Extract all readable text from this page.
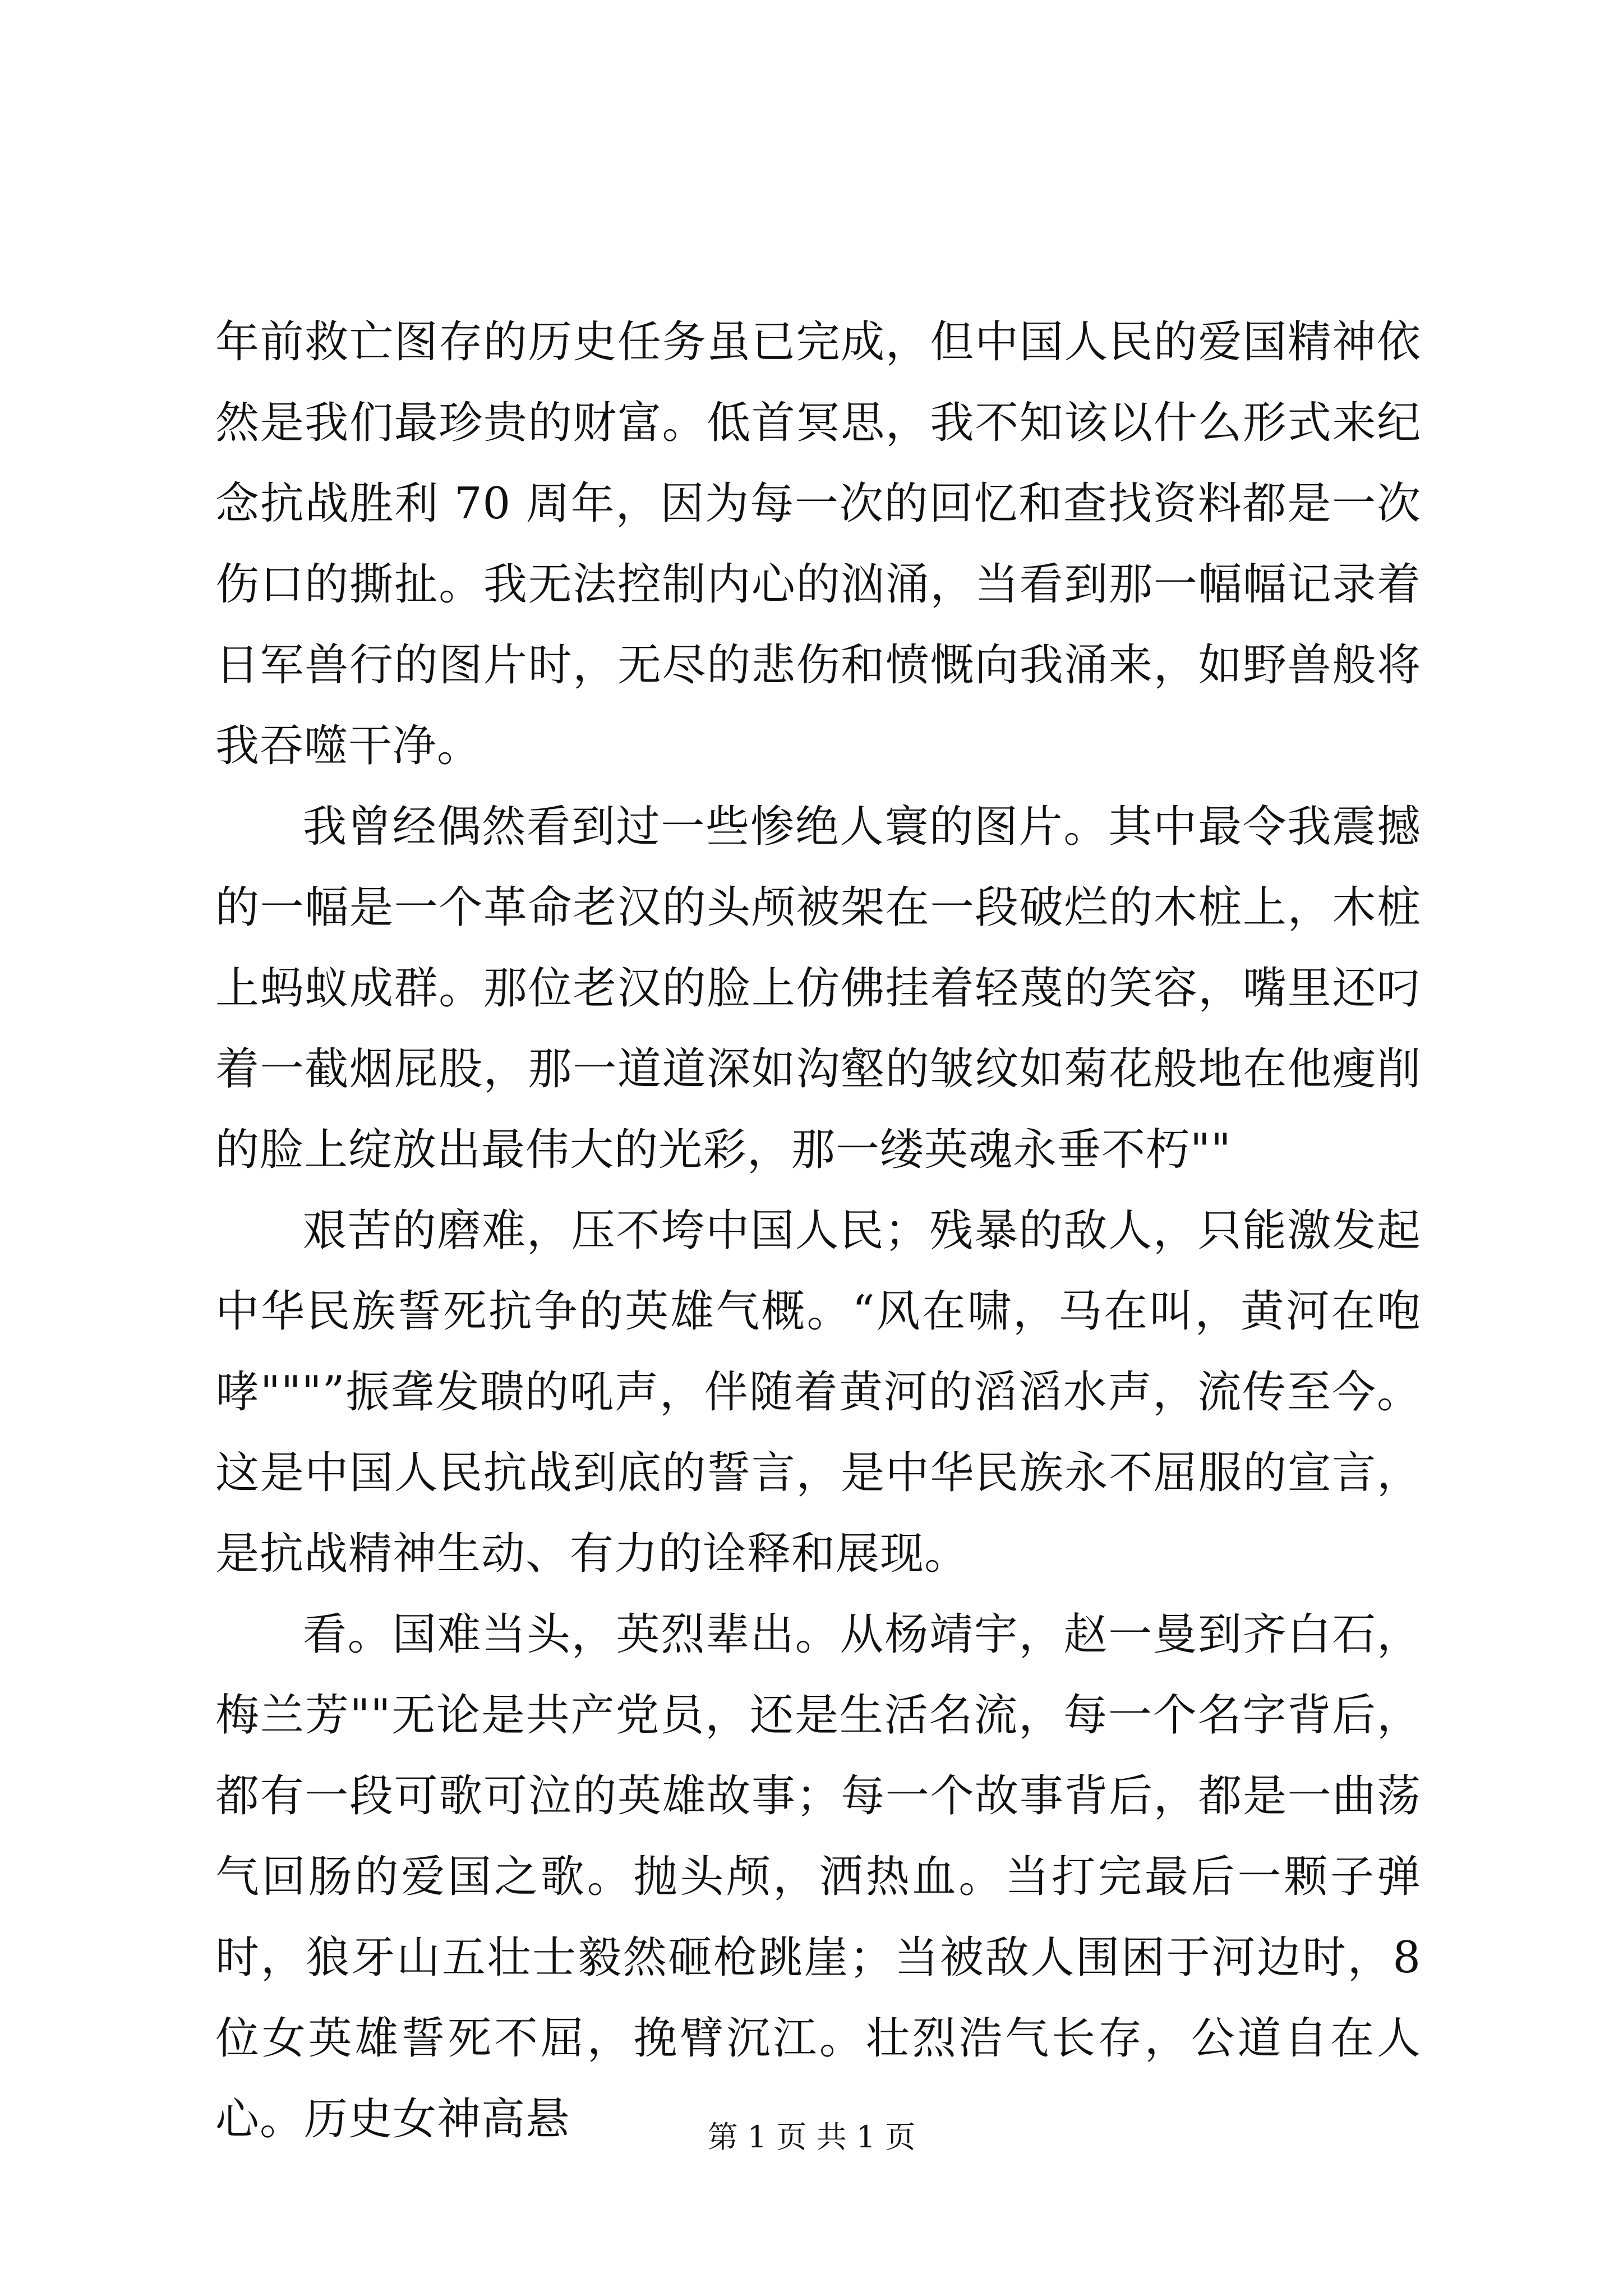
年前救亡图存的历史任务虽已完成，但中国人民的爱国精神依然是我们最珍贵的财富。低首冥思，我不知该以什么形式来纪念抗战胜利 70 周年，因为每一次的回忆和查找资料都是一次伤口的撕扯。我无法控制内心的汹涌，当看到那一幅幅记录着日军兽行的图片时，无尽的悲伤和愤慨向我涌来，如野兽般将我吞噬干净。

我曾经偶然看到过一些惨绝人寰的图片。其中最令我震撼的一幅是一个革命老汉的头颅被架在一段破烂的木桩上，木桩上蚂蚁成群。那位老汉的脸上仿佛挂着轻蔑的笑容，嘴里还叼着一截烟屁股，那一道道深如沟壑的皱纹如菊花般地在他瘦削的脸上绽放出最伟大的光彩，那一缕英魂永垂不朽""

艰苦的磨难，压不垮中国人民；残暴的敌人，只能激发起中华民族誓死抗争的英雄气概。“风在啸，马在叫，黄河在咆哮"""”振聋发聩的吼声，伴随着黄河的滔滔水声，流传至今。这是中国人民抗战到底的誓言，是中华民族永不屈服的宣言，是抗战精神生动、有力的诠释和展现。

看。国难当头，英烈辈出。从杨靖宇，赵一曼到齐白石，梅兰芳""无论是共产党员，还是生活名流，每一个名字背后，都有一段可歌可泣的英雄故事；每一个故事背后，都是一曲荡气回肠的爱国之歌。抛头颅，洒热血。当打完最后一颗子弹时，狼牙山五壮士毅然砸枪跳崖；当被敌人围困于河边时，8 位女英雄誓死不屈，挽臂沉江。壮烈浩气长存，公道自在人心。历史女神高悬	第 1 页 共 1 页
